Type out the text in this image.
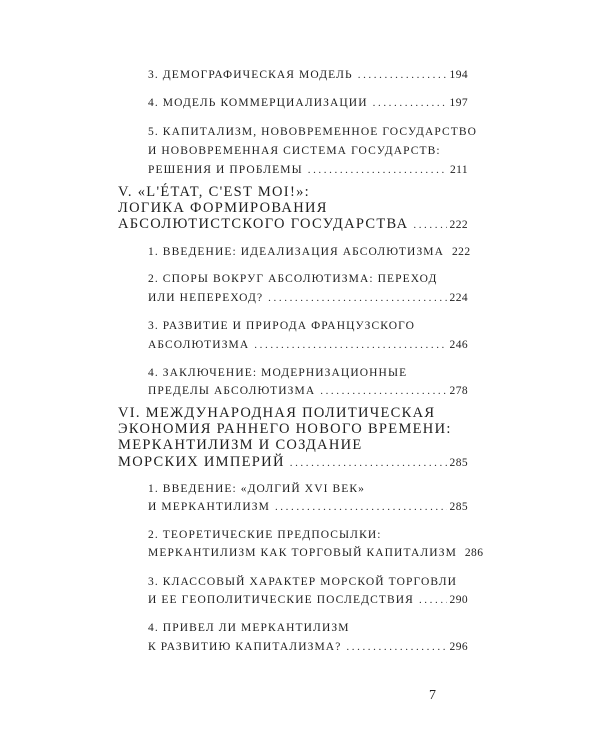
3. ДЕМОГРАФИЧЕСКАЯ МОДЕЛЬ .....	194
4. МОДЕЛЬ КОММЕРЦИАЛИЗАЦИИ .....	197
5. КАПИТАЛИЗМ, НОВОВРЕМЕННОЕ ГОСУДАРСТВО
И НОВОВРЕМЕННАЯ СИСТЕМА ГОСУДАРСТВ:
РЕШЕНИЯ И ПРОБЛЕМЫ .....	211
V. «L'ÉTAT, C'EST MOI!»:
ЛОГИКА ФОРМИРОВАНИЯ
АБСОЛЮТИСТСКОГО ГОСУДАРСТВА .....	222
1. ВВЕДЕНИЕ: ИДЕАЛИЗАЦИЯ АБСОЛЮТИЗМА 222
2. СПОРЫ ВОКРУГ АБСОЛЮТИЗМА: ПЕРЕХОД
ИЛИ НЕПЕРЕХОД? .....	224
3. РАЗВИТИЕ И ПРИРОДА ФРАНЦУЗСКОГО
АБСОЛЮТИЗМА .....	246
4. ЗАКЛЮЧЕНИЕ: МОДЕРНИЗАЦИОННЫЕ
ПРЕДЕЛЫ АБСОЛЮТИЗМА .....	278
VI. МЕЖДУНАРОДНАЯ ПОЛИТИЧЕСКАЯ
ЭКОНОМИЯ РАННЕГО НОВОГО ВРЕМЕНИ:
МЕРКАНТИЛИЗМ И СОЗДАНИЕ
МОРСКИХ ИМПЕРИЙ .....	285
1. ВВЕДЕНИЕ: «ДОЛГИЙ XVI ВЕК»
И МЕРКАНТИЛИЗМ .....	285
2. ТЕОРЕТИЧЕСКИЕ ПРЕДПОСЫЛКИ:
МЕРКАНТИЛИЗМ КАК ТОРГОВЫЙ КАПИТАЛИЗМ 286
3. КЛАССОВЫЙ ХАРАКТЕР МОРСКОЙ ТОРГОВЛИ
И ЕЕ ГЕОПОЛИТИЧЕСКИЕ ПОСЛЕДСТВИЯ .....	290
4. ПРИВЕЛ ЛИ МЕРКАНТИЛИЗМ
К РАЗВИТИЮ КАПИТАЛИЗМА? .....	296
7
